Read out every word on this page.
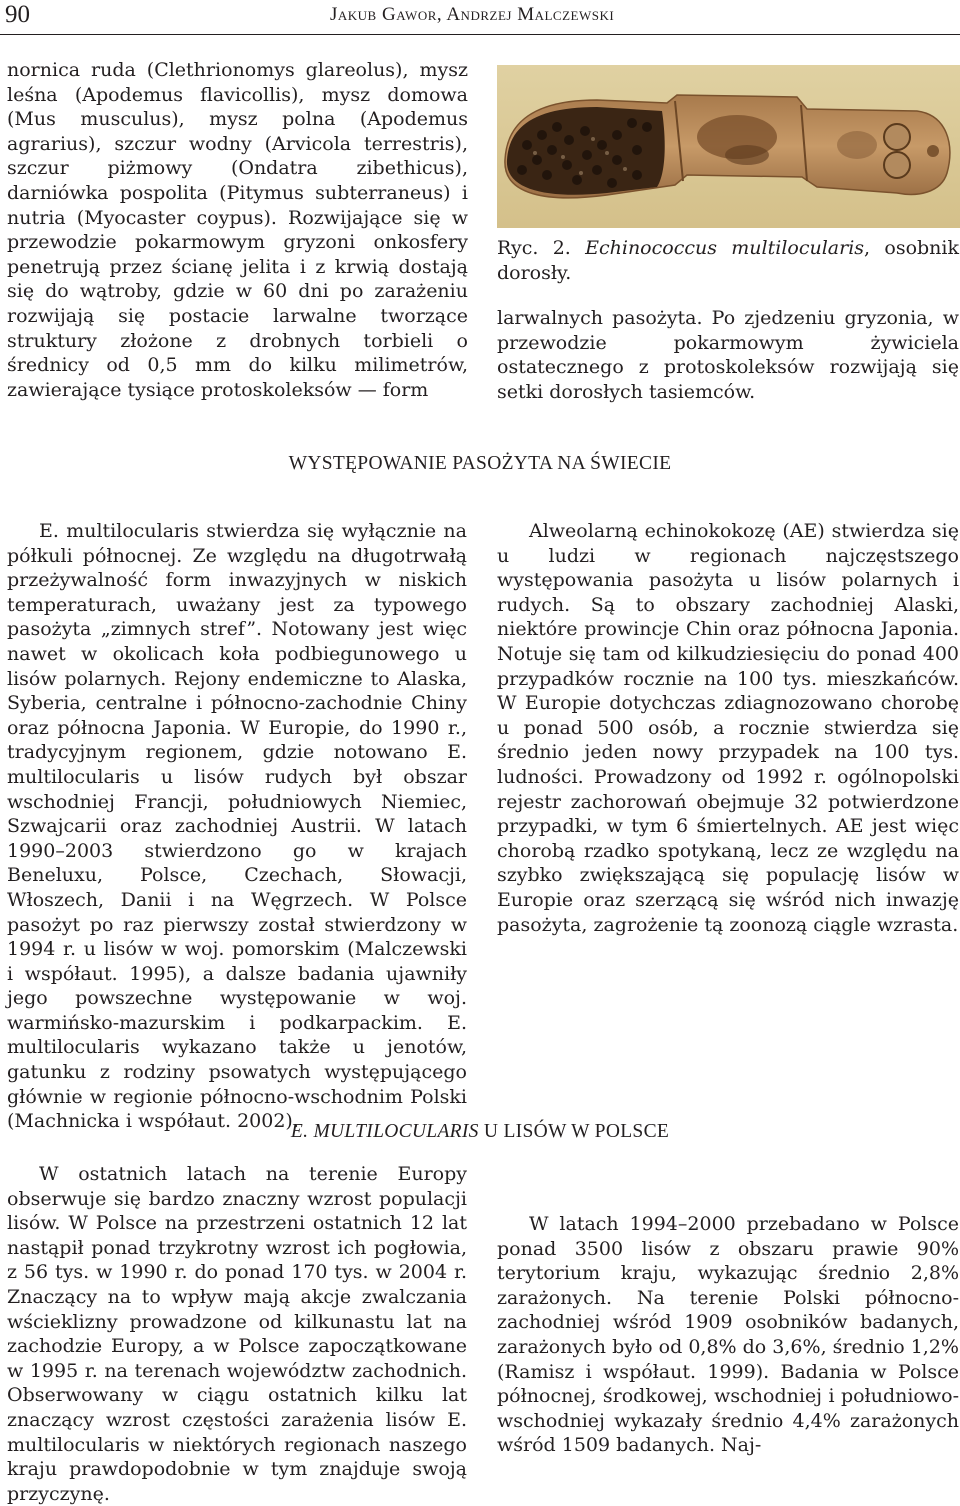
90	Jakub Gawor, Andrzej Malczewski

nornica ruda (Clethrionomys glareolus), mysz leśna (Apodemus flavicollis), mysz domowa (Mus musculus), mysz polna (Apodemus agrarius), szczur wodny (Arvicola terrestris), szczur piżmowy (Ondatra zibethicus), darniówka pospolita (Pitymus subterraneus) i nutria (Myocaster coypus). Rozwijające się w przewodzie pokarmowym gryzoni onkosfery penetrują przez ścianę jelita i z krwią dostają się do wątroby, gdzie w 60 dni po zarażeniu rozwijają się postacie larwalne tworzące struktury złożone z drobnych torbieli o średnicy od 0,5 mm do kilku milimetrów, zawierające tysiące protoskoleksów — form

Ryc. 2. Echinococcus multilocularis, osobnik dorosły.

larwalnych pasożyta. Po zjedzeniu gryzonia, w przewodzie pokarmowym żywiciela ostatecznego z protoskoleksów rozwijają się setki dorosłych tasiemców.

WYSTĘPOWANIE PASOŻYTA NA ŚWIECIE

E. multilocularis stwierdza się wyłącznie na półkuli północnej. Ze względu na długotrwałą przeżywalność form inwazyjnych w niskich temperaturach, uważany jest za typowego pasożyta „zimnych stref”. Notowany jest więc nawet w okolicach koła podbiegunowego u lisów polarnych. Rejony endemiczne to Alaska, Syberia, centralne i północno-zachodnie Chiny oraz północna Japonia. W Europie, do 1990 r., tradycyjnym regionem, gdzie notowano E. multilocularis u lisów rudych był obszar wschodniej Francji, południowych Niemiec, Szwajcarii oraz zachodniej Austrii. W latach 1990–2003 stwierdzono go w krajach Beneluxu, Polsce, Czechach, Słowacji, Włoszech, Danii i na Węgrzech. W Polsce pasożyt po raz pierwszy został stwierdzony w 1994 r. u lisów w woj. pomorskim (Malczewski i współaut. 1995), a dalsze badania ujawniły jego powszechne występowanie w woj. warmińsko-mazurskim i podkarpackim. E. multilocularis wykazano także u jenotów, gatunku z rodziny psowatych występującego głównie w regionie północno-wschodnim Polski (Machnicka i współaut. 2002).

Alweolarną echinokokozę (AE) stwierdza się u ludzi w regionach najczęstszego występowania pasożyta u lisów polarnych i rudych. Są to obszary zachodniej Alaski, niektóre prowincje Chin oraz północna Japonia. Notuje się tam od kilkudziesięciu do ponad 400 przypadków rocznie na 100 tys. mieszkańców. W Europie dotychczas zdiagnozowano chorobę u ponad 500 osób, a rocznie stwierdza się średnio jeden nowy przypadek na 100 tys. ludności. Prowadzony od 1992 r. ogólnopolski rejestr zachorowań obejmuje 32 potwierdzone przypadki, w tym 6 śmiertelnych. AE jest więc chorobą rzadko spotykaną, lecz ze względu na szybko zwiększającą się populację lisów w Europie oraz szerzącą się wśród nich inwazję pasożyta, zagrożenie tą zoonozą ciągle wzrasta.

E. MULTILOCULARIS U LISÓW W POLSCE

W ostatnich latach na terenie Europy obserwuje się bardzo znaczny wzrost populacji lisów. W Polsce na przestrzeni ostatnich 12 lat nastąpił ponad trzykrotny wzrost ich pogłowia, z 56 tys. w 1990 r. do ponad 170 tys. w 2004 r. Znaczący na to wpływ mają akcje zwalczania wścieklizny prowadzone od kilkunastu lat na zachodzie Europy, a w Polsce zapoczątkowane w 1995 r. na terenach województw zachodnich. Obserwowany w ciągu ostatnich kilku lat znaczący wzrost częstości zarażenia lisów E. multilocularis w niektórych regionach naszego kraju prawdopodobnie w tym znajduje swoją przyczynę.

W latach 1994–2000 przebadano w Polsce ponad 3500 lisów z obszaru prawie 90% terytorium kraju, wykazując średnio 2,8% zarażonych. Na terenie Polski północno-zachodniej wśród 1909 osobników badanych, zarażonych było od 0,8% do 3,6%, średnio 1,2% (Ramisz i współaut. 1999). Badania w Polsce północnej, środkowej, wschodniej i południowo-wschodniej wykazały średnio 4,4% zarażonych wśród 1509 badanych. Naj-
